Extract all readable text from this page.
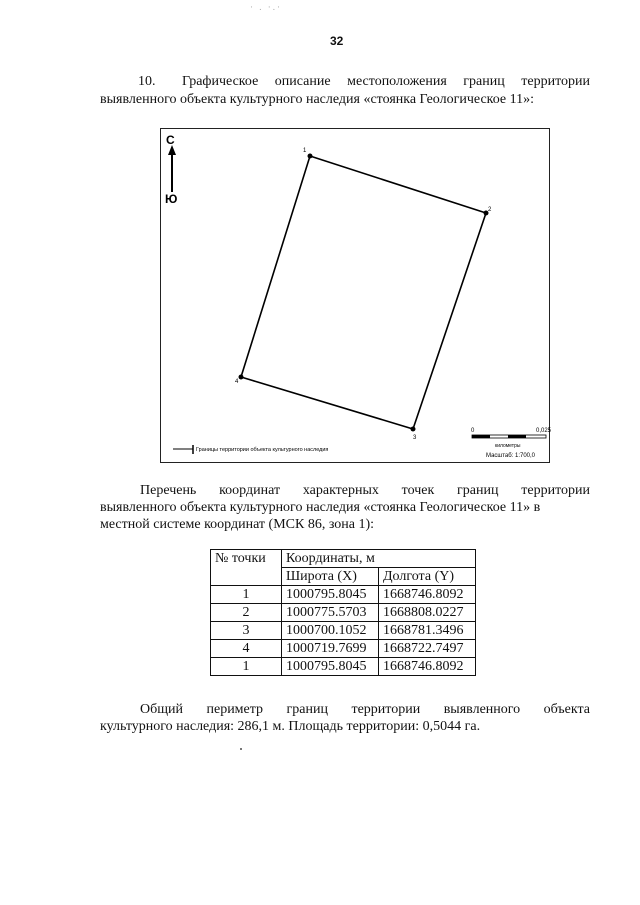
· . ·.·
32
10. Графическое описание местоположения границ территории
выявленного объекта культурного наследия «стоянка Геологическое 11»:
С
Ю
1
2
3
4
Границы территории объекта культурного наследия
0	0,025
километры
Масштаб: 1:700,0
Перечень координат характерных точек границ территории
выявленного объекта культурного наследия «стоянка Геологическое 11» в
местной системе координат (МСК 86, зона 1):
№ точки	Координаты, м	
	Широта (X)	Долгота (Y)
1	1000795.8045	1668746.8092
2	1000775.5703	1668808.0227
3	1000700.1052	1668781.3496
4	1000719.7699	1668722.7497
1	1000795.8045	1668746.8092
Общий периметр границ территории выявленного объекта
культурного наследия: 286,1 м. Площадь территории: 0,5044 га.
